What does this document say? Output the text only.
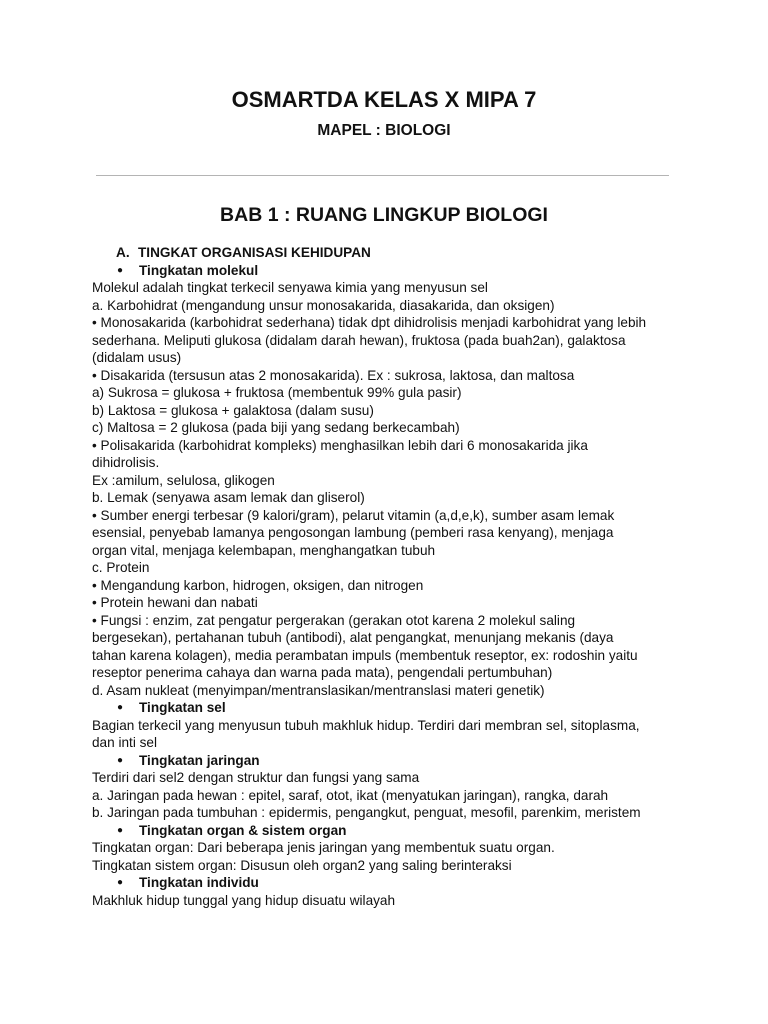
OSMARTDA KELAS X MIPA 7
MAPEL : BIOLOGI
BAB 1 : RUANG LINGKUP BIOLOGI
A. TINGKAT ORGANISASI KEHIDUPAN
●	Tingkatan molekul
Molekul adalah tingkat terkecil senyawa kimia yang menyusun sel
a. Karbohidrat (mengandung unsur monosakarida, diasakarida, dan oksigen)
• Monosakarida (karbohidrat sederhana) tidak dpt dihidrolisis menjadi karbohidrat yang lebih
sederhana. Meliputi glukosa (didalam darah hewan), fruktosa (pada buah2an), galaktosa
(didalam usus)
• Disakarida (tersusun atas 2 monosakarida). Ex : sukrosa, laktosa, dan maltosa
a) Sukrosa = glukosa + fruktosa (membentuk 99% gula pasir)
b) Laktosa = glukosa + galaktosa (dalam susu)
c) Maltosa = 2 glukosa (pada biji yang sedang berkecambah)
• Polisakarida (karbohidrat kompleks) menghasilkan lebih dari 6 monosakarida jika
dihidrolisis.
Ex :amilum, selulosa, glikogen
b. Lemak (senyawa asam lemak dan gliserol)
• Sumber energi terbesar (9 kalori/gram), pelarut vitamin (a,d,e,k), sumber asam lemak
esensial, penyebab lamanya pengosongan lambung (pemberi rasa kenyang), menjaga
organ vital, menjaga kelembapan, menghangatkan tubuh
c. Protein
• Mengandung karbon, hidrogen, oksigen, dan nitrogen
• Protein hewani dan nabati
• Fungsi : enzim, zat pengatur pergerakan (gerakan otot karena 2 molekul saling
bergesekan), pertahanan tubuh (antibodi), alat pengangkat, menunjang mekanis (daya
tahan karena kolagen), media perambatan impuls (membentuk reseptor, ex: rodoshin yaitu
reseptor penerima cahaya dan warna pada mata), pengendali pertumbuhan)
d. Asam nukleat (menyimpan/mentranslasikan/mentranslasi materi genetik)
●	Tingkatan sel
Bagian terkecil yang menyusun tubuh makhluk hidup. Terdiri dari membran sel, sitoplasma,
dan inti sel
●	Tingkatan jaringan
Terdiri dari sel2 dengan struktur dan fungsi yang sama
a. Jaringan pada hewan : epitel, saraf, otot, ikat (menyatukan jaringan), rangka, darah
b. Jaringan pada tumbuhan : epidermis, pengangkut, penguat, mesofil, parenkim, meristem
●	Tingkatan organ & sistem organ
Tingkatan organ: Dari beberapa jenis jaringan yang membentuk suatu organ.
Tingkatan sistem organ: Disusun oleh organ2 yang saling berinteraksi
●	Tingkatan individu
Makhluk hidup tunggal yang hidup disuatu wilayah
